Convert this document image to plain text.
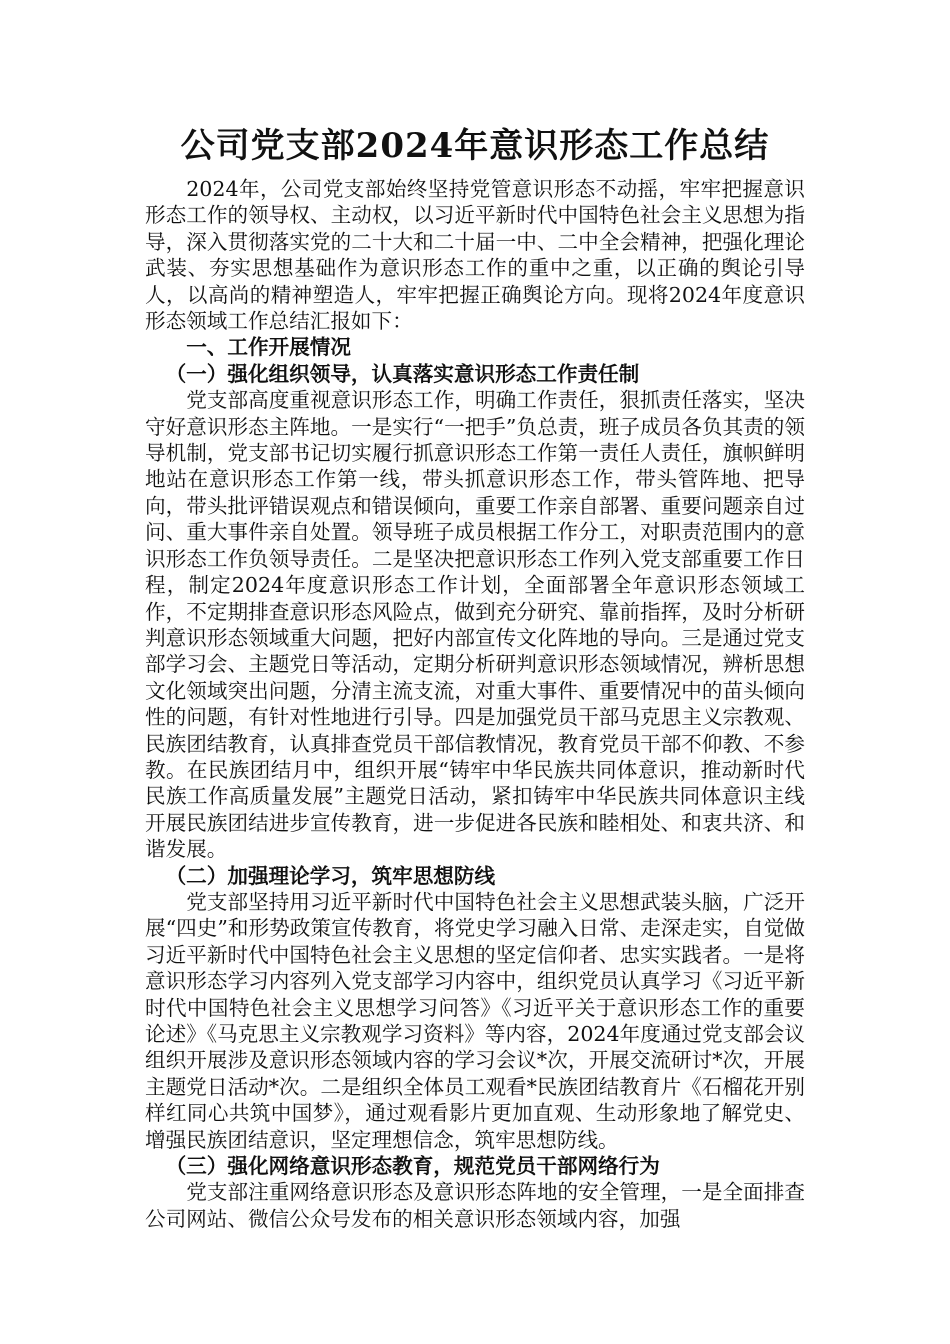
公司党支部2024年意识形态工作总结

2024年，公司党支部始终坚持党管意识形态不动摇，牢牢把握意识形态工作的领导权、主动权，以习近平新时代中国特色社会主义思想为指导，深入贯彻落实党的二十大和二十届一中、二中全会精神，把强化理论武装、夯实思想基础作为意识形态工作的重中之重，以正确的舆论引导人，以高尚的精神塑造人，牢牢把握正确舆论方向。现将2024年度意识形态领域工作总结汇报如下：

一、工作开展情况

（一）强化组织领导，认真落实意识形态工作责任制

党支部高度重视意识形态工作，明确工作责任，狠抓责任落实，坚决守好意识形态主阵地。一是实行“一把手”负总责，班子成员各负其责的领导机制，党支部书记切实履行抓意识形态工作第一责任人责任，旗帜鲜明地站在意识形态工作第一线，带头抓意识形态工作，带头管阵地、把导向，带头批评错误观点和错误倾向，重要工作亲自部署、重要问题亲自过问、重大事件亲自处置。领导班子成员根据工作分工，对职责范围内的意识形态工作负领导责任。二是坚决把意识形态工作列入党支部重要工作日程，制定2024年度意识形态工作计划，全面部署全年意识形态领域工作，不定期排查意识形态风险点，做到充分研究、靠前指挥，及时分析研判意识形态领域重大问题，把好内部宣传文化阵地的导向。三是通过党支部学习会、主题党日等活动，定期分析研判意识形态领域情况，辨析思想文化领域突出问题，分清主流支流，对重大事件、重要情况中的苗头倾向性的问题，有针对性地进行引导。四是加强党员干部马克思主义宗教观、民族团结教育，认真排查党员干部信教情况，教育党员干部不仰教、不参教。在民族团结月中，组织开展“铸牢中华民族共同体意识，推动新时代民族工作高质量发展”主题党日活动，紧扣铸牢中华民族共同体意识主线开展民族团结进步宣传教育，进一步促进各民族和睦相处、和衷共济、和谐发展。

（二）加强理论学习，筑牢思想防线

党支部坚持用习近平新时代中国特色社会主义思想武装头脑，广泛开展“四史”和形势政策宣传教育，将党史学习融入日常、走深走实，自觉做习近平新时代中国特色社会主义思想的坚定信仰者、忠实实践者。一是将意识形态学习内容列入党支部学习内容中，组织党员认真学习《习近平新时代中国特色社会主义思想学习问答》《习近平关于意识形态工作的重要论述》《马克思主义宗教观学习资料》等内容，2024年度通过党支部会议组织开展涉及意识形态领域内容的学习会议*次，开展交流研讨*次，开展主题党日活动*次。二是组织全体员工观看*民族团结教育片《石榴花开别样红同心共筑中国梦》，通过观看影片更加直观、生动形象地了解党史、增强民族团结意识，坚定理想信念，筑牢思想防线。

（三）强化网络意识形态教育，规范党员干部网络行为

党支部注重网络意识形态及意识形态阵地的安全管理，一是全面排查公司网站、微信公众号发布的相关意识形态领域内容，加强
